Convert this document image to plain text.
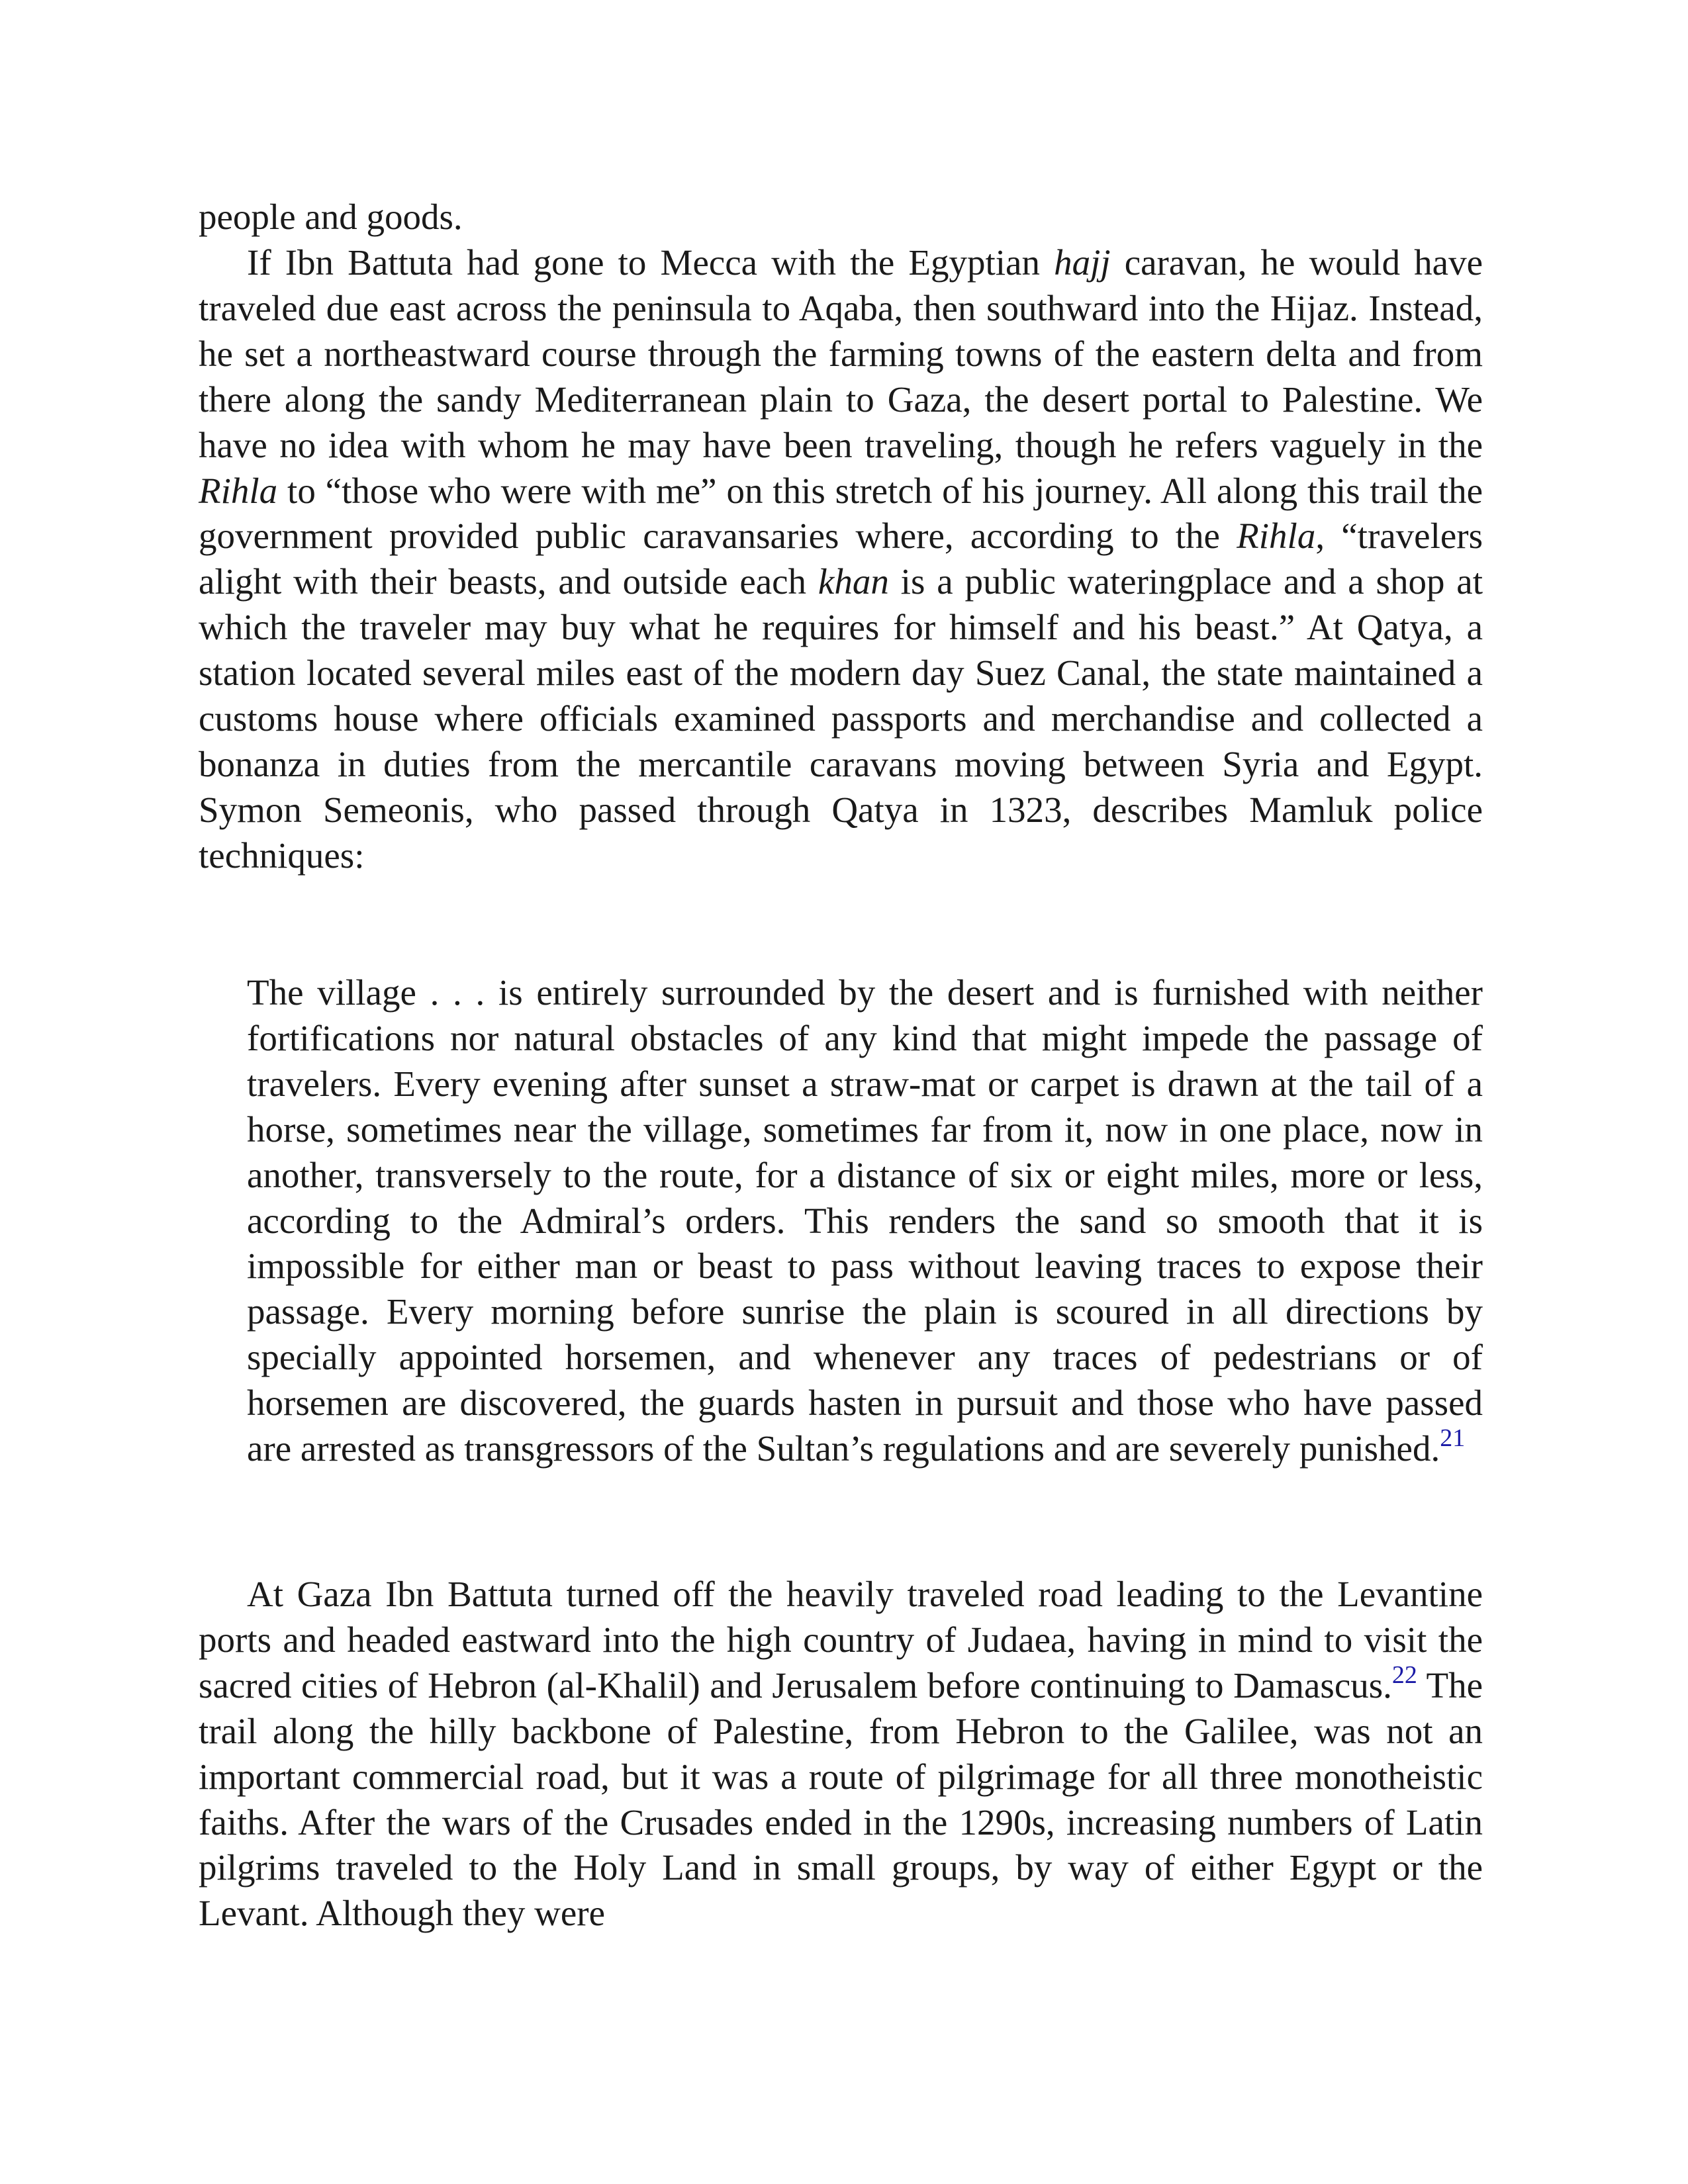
people and goods.

If Ibn Battuta had gone to Mecca with the Egyptian hajj caravan, he would have traveled due east across the peninsula to Aqaba, then southward into the Hijaz. Instead, he set a northeastward course through the farming towns of the eastern delta and from there along the sandy Mediterranean plain to Gaza, the desert portal to Palestine. We have no idea with whom he may have been traveling, though he refers vaguely in the Rihla to “those who were with me” on this stretch of his journey. All along this trail the government provided public caravansaries where, according to the Rihla, “travelers alight with their beasts, and outside each khan is a public wateringplace and a shop at which the traveler may buy what he requires for himself and his beast.” At Qatya, a station located several miles east of the modern day Suez Canal, the state maintained a customs house where officials examined passports and merchandise and collected a bonanza in duties from the mercantile caravans moving between Syria and Egypt. Symon Semeonis, who passed through Qatya in 1323, describes Mamluk police techniques:

The village . . . is entirely surrounded by the desert and is furnished with neither fortifications nor natural obstacles of any kind that might impede the passage of travelers. Every evening after sunset a straw-mat or carpet is drawn at the tail of a horse, sometimes near the village, sometimes far from it, now in one place, now in another, transversely to the route, for a distance of six or eight miles, more or less, according to the Admiral’s orders. This renders the sand so smooth that it is impossible for either man or beast to pass without leaving traces to expose their passage. Every morning before sunrise the plain is scoured in all directions by specially appointed horsemen, and whenever any traces of pedestrians or of horsemen are discovered, the guards hasten in pursuit and those who have passed are arrested as transgressors of the Sultan’s regulations and are severely punished.$^{21}$

At Gaza Ibn Battuta turned off the heavily traveled road leading to the Levantine ports and headed eastward into the high country of Judaea, having in mind to visit the sacred cities of Hebron (al-Khalil) and Jerusalem before continuing to Damascus.$^{22}$ The trail along the hilly backbone of Palestine, from Hebron to the Galilee, was not an important commercial road, but it was a route of pilgrimage for all three monotheistic faiths. After the wars of the Crusades ended in the 1290s, increasing numbers of Latin pilgrims traveled to the Holy Land in small groups, by way of either Egypt or the Levant. Although they were
